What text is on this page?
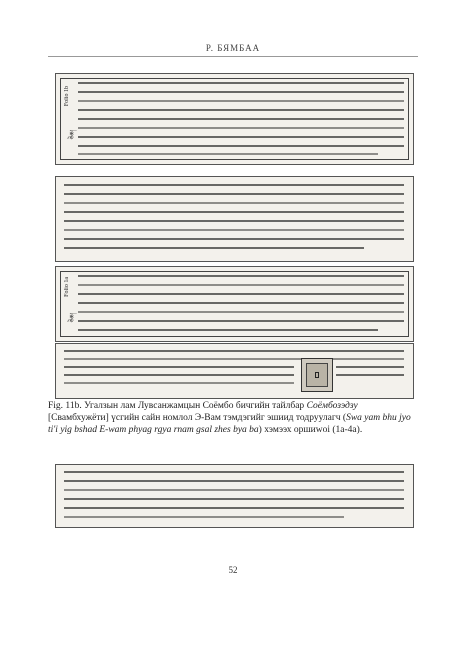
Р. БЯМБАА
Folio 1b
ཅེཆ།
Folio 1a
ཅེཆ།
Fig. 11b. Угалзын лам Лувсанжамцын Соёмбо бичгийн тайлбар Соёмбозэдзу [Свамбхужёти] үсгийн сайн номлол Э-Вам тэмдэгийг эшиид тодруулагч (Swa yam bhu jyo ti'i yig bshad E-wam phyag rgya rnam gsal zhes bya ba) хэмээх оршиwoi (1a-4a).
52
